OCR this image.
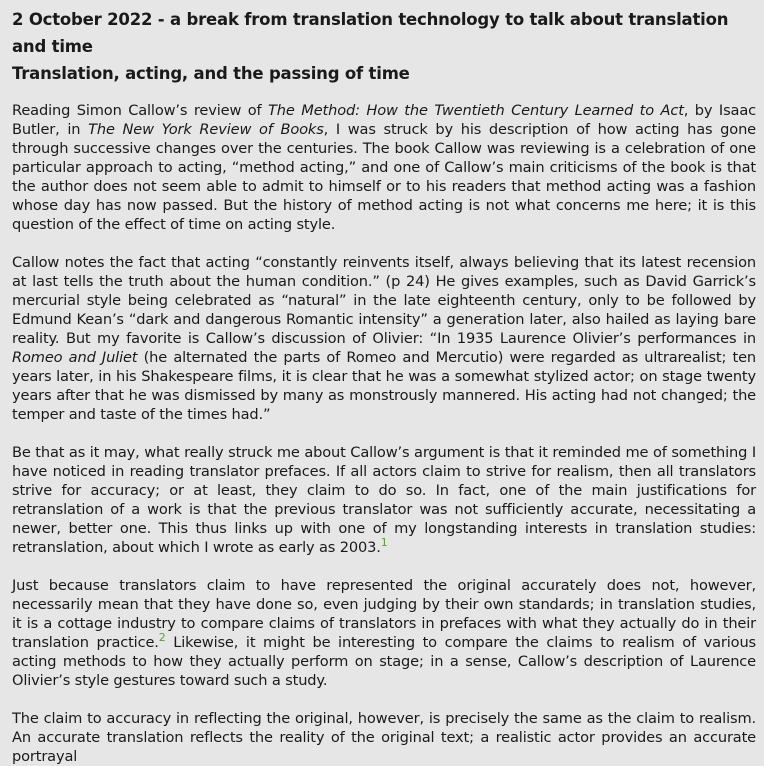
2 October 2022 - a break from translation technology to talk about translation and time
Translation, acting, and the passing of time

Reading Simon Callow’s review of The Method: How the Twentieth Century Learned to Act, by Isaac Butler, in The New York Review of Books, I was struck by his description of how acting has gone through successive changes over the centuries. The book Callow was reviewing is a celebration of one particular approach to acting, “method acting,” and one of Callow’s main criticisms of the book is that the author does not seem able to admit to himself or to his readers that method acting was a fashion whose day has now passed. But the history of method acting is not what concerns me here; it is this question of the effect of time on acting style.

Callow notes the fact that acting “constantly reinvents itself, always believing that its latest recension at last tells the truth about the human condition.” (p 24) He gives examples, such as David Garrick’s mercurial style being celebrated as “natural” in the late eighteenth century, only to be followed by Edmund Kean’s “dark and dangerous Romantic intensity” a generation later, also hailed as laying bare reality. But my favorite is Callow’s discussion of Olivier: “In 1935 Laurence Olivier’s performances in Romeo and Juliet (he alternated the parts of Romeo and Mercutio) were regarded as ultrarealist; ten years later, in his Shakespeare films, it is clear that he was a somewhat stylized actor; on stage twenty years after that he was dismissed by many as monstrously mannered. His acting had not changed; the temper and taste of the times had.”

Be that as it may, what really struck me about Callow’s argument is that it reminded me of something I have noticed in reading translator prefaces. If all actors claim to strive for realism, then all translators strive for accuracy; or at least, they claim to do so. In fact, one of the main justifications for retranslation of a work is that the previous translator was not sufficiently accurate, necessitating a newer, better one. This thus links up with one of my longstanding interests in translation studies: retranslation, about which I wrote as early as 2003.$^1$

Just because translators claim to have represented the original accurately does not, however, necessarily mean that they have done so, even judging by their own standards; in translation studies, it is a cottage industry to compare claims of translators in prefaces with what they actually do in their translation practice.$^2$ Likewise, it might be interesting to compare the claims to realism of various acting methods to how they actually perform on stage; in a sense, Callow’s description of Laurence Olivier’s style gestures toward such a study.

The claim to accuracy in reflecting the original, however, is precisely the same as the claim to realism. An accurate translation reflects the reality of the original text; a realistic actor provides an accurate portrayal
